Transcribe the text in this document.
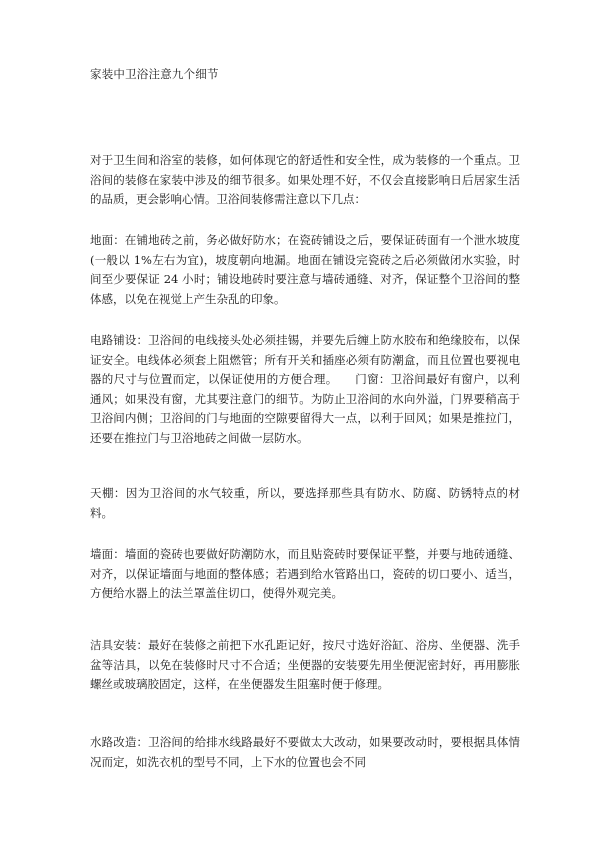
家装中卫浴注意九个细节

对于卫生间和浴室的装修，如何体现它的舒适性和安全性，成为装修的一个重点。卫浴间的装修在家装中涉及的细节很多。如果处理不好，不仅会直接影响日后居家生活的品质，更会影响心情。卫浴间装修需注意以下几点：

地面：在铺地砖之前，务必做好防水；在瓷砖铺设之后，要保证砖面有一个泄水坡度(一般以 1%左右为宜)，坡度朝向地漏。地面在铺设完瓷砖之后必须做闭水实验，时间至少要保证 24 小时；铺设地砖时要注意与墙砖通缝、对齐，保证整个卫浴间的整体感，以免在视觉上产生杂乱的印象。

电路铺设：卫浴间的电线接头处必须挂锡，并要先后缠上防水胶布和绝缘胶布，以保证安全。电线体必须套上阻燃管；所有开关和插座必须有防潮盒，而且位置也要视电器的尺寸与位置而定，以保证使用的方便合理。　　门窗：卫浴间最好有窗户，以利通风；如果没有窗，尤其要注意门的细节。为防止卫浴间的水向外溢，门界要稍高于卫浴间内侧；卫浴间的门与地面的空隙要留得大一点，以利于回风；如果是推拉门，还要在推拉门与卫浴地砖之间做一层防水。

天棚：因为卫浴间的水气较重，所以，要选择那些具有防水、防腐、防锈特点的材料。

墙面：墙面的瓷砖也要做好防潮防水，而且贴瓷砖时要保证平整，并要与地砖通缝、对齐，以保证墙面与地面的整体感；若遇到给水管路出口，瓷砖的切口要小、适当，方便给水器上的法兰罩盖住切口，使得外观完美。

洁具安装：最好在装修之前把下水孔距记好，按尺寸选好浴缸、浴房、坐便器、洗手盆等洁具，以免在装修时尺寸不合适；坐便器的安装要先用坐便泥密封好，再用膨胀螺丝或玻璃胶固定，这样，在坐便器发生阻塞时便于修理。

水路改造：卫浴间的给排水线路最好不要做太大改动，如果要改动时，要根据具体情况而定，如洗衣机的型号不同，上下水的位置也会不同
